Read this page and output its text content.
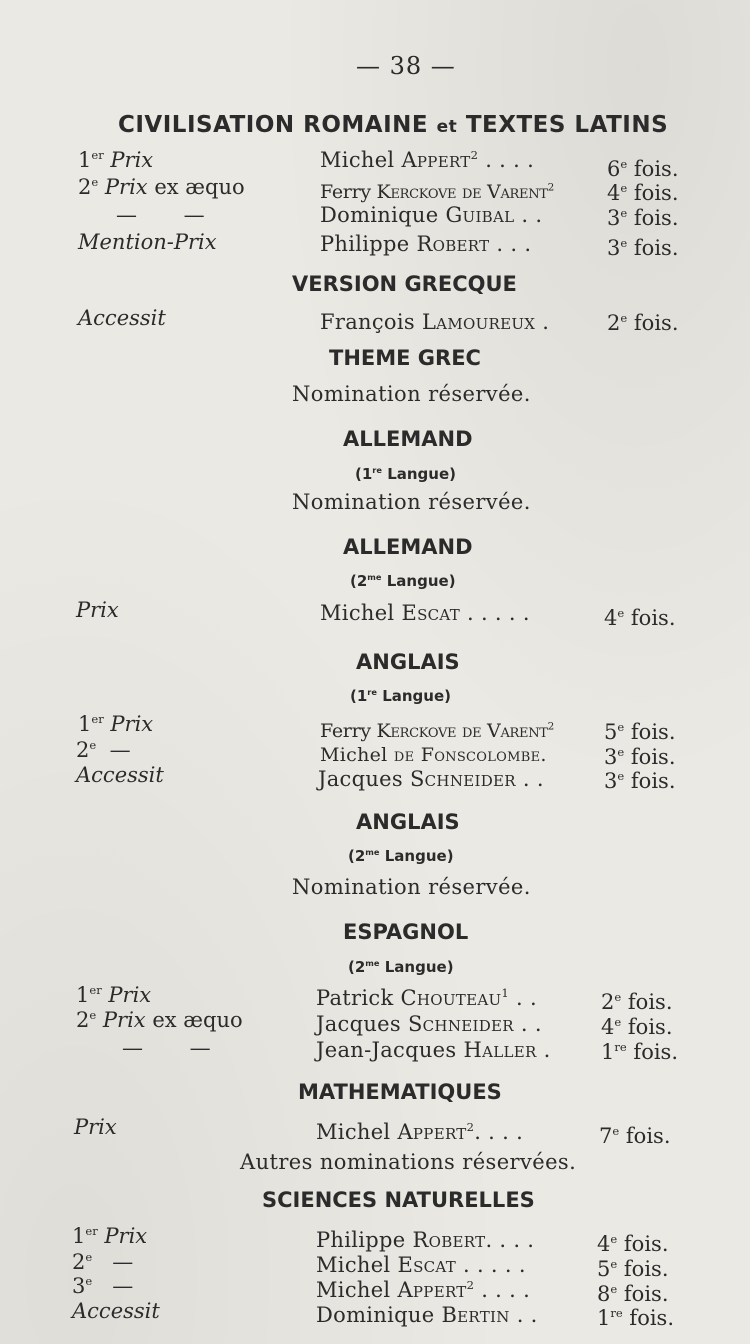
— 38 —
CIVILISATION ROMAINE et TEXTES LATINS
1er Prix	Michel Appert$^2$ . . . .	6e fois.
2e Prix ex æquo	Ferry Kerckove de Varent$^2$	4e fois.
— —	Dominique Guibal . .	3e fois.
Mention-Prix	Philippe Robert . . .	3e fois.
VERSION GRECQUE
Accessit	François Lamoureux .	2e fois.
THEME GREC
Nomination réservée.
ALLEMAND
(1re Langue)
Nomination réservée.
ALLEMAND
($2^{me}$ Langue)
Prix	Michel Escat . . . . .	4e fois.
ANGLAIS
(1re Langue)
1er Prix	Ferry Kerckove de Varent$^2$ 5e fois.
2e —	Michel de Fonscolombe.	3e fois.
Accessit	Jacques Schneider . .	3e fois.
ANGLAIS
($2^{me}$ Langue)
Nomination réservée.
ESPAGNOL
($2^{me}$ Langue)
1er Prix	Patrick Chouteau$^1$ . .	2e fois.
2e Prix ex æquo	Jacques Schneider . .	4e fois.
— —	Jean-Jacques Haller . 1re fois.
MATHEMATIQUES
Prix	Michel Appert$^2$. . . .	7e fois.
Autres nominations réservées.
SCIENCES NATURELLES
1er Prix	Philippe Robert. . . .	4e fois.
2e —	Michel Escat . . . . .	5e fois.
3e —	Michel Appert$^2$ . . . .	8e fois.
Accessit	Dominique Bertin . .	1re fois.
